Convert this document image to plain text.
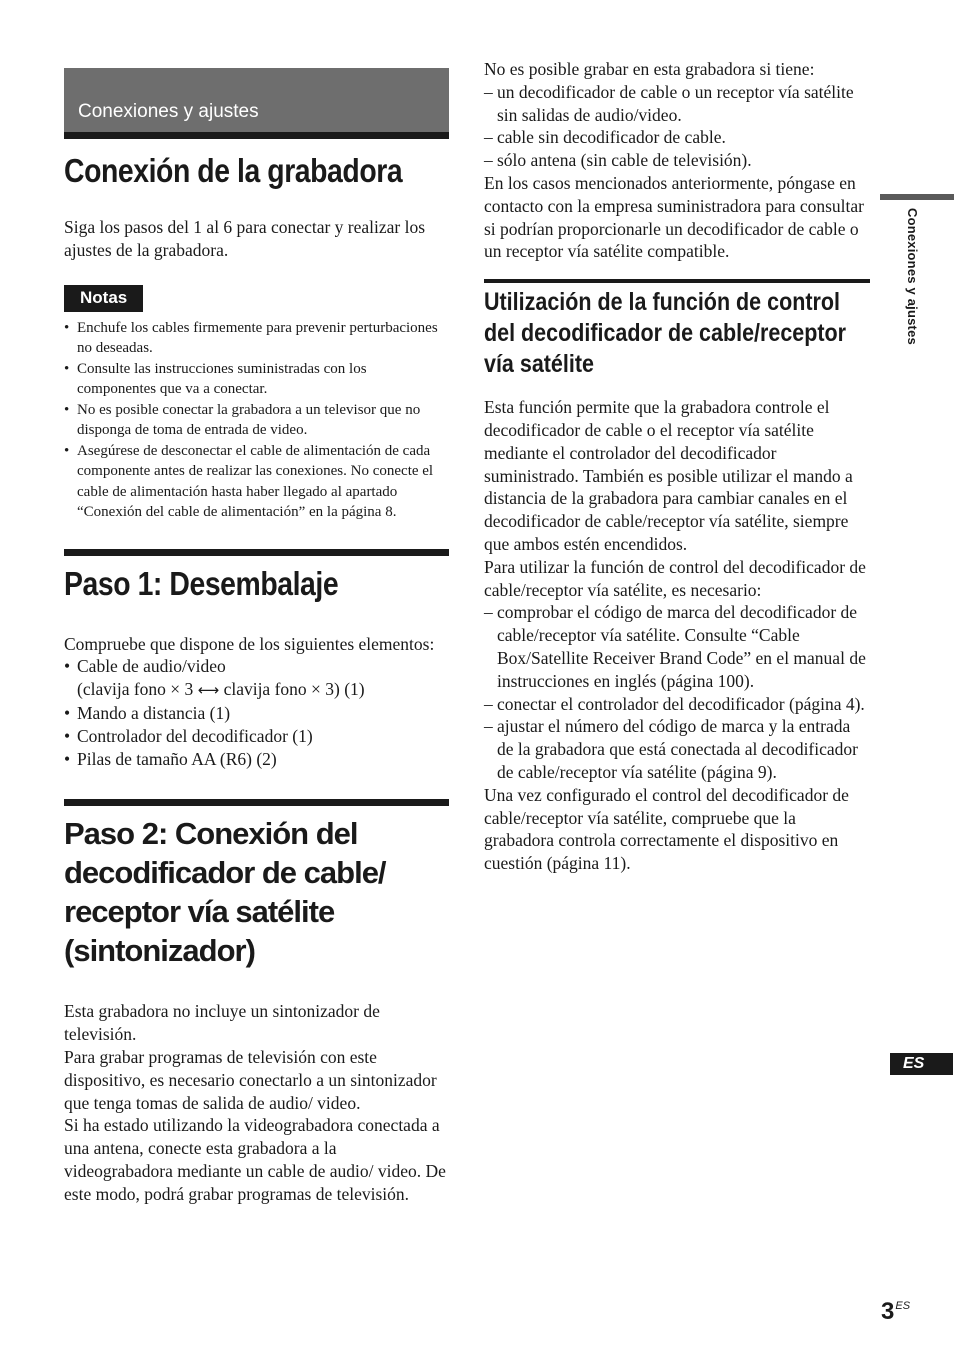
Conexiones y ajustes
Conexión de la grabadora

Siga los pasos del 1 al 6 para conectar y realizar los ajustes de la grabadora.

Notas
• Enchufe los cables firmemente para prevenir perturbaciones no deseadas.
• Consulte las instrucciones suministradas con los componentes que va a conectar.
• No es posible conectar la grabadora a un televisor que no disponga de toma de entrada de video.
• Asegúrese de desconectar el cable de alimentación de cada componente antes de realizar las conexiones. No conecte el cable de alimentación hasta haber llegado al apartado “Conexión del cable de alimentación” en la página 8.
Paso 1: Desembalaje

Compruebe que dispone de los siguientes elementos:

• Cable de audio/video
(clavija fono × 3 ⟷ clavija fono × 3) (1)
• Mando a distancia (1)
• Controlador del decodificador (1)
• Pilas de tamaño AA (R6) (2)
Paso 2: Conexión del decodificador de cable/ receptor vía satélite (sintonizador)

Esta grabadora no incluye un sintonizador de televisión.

Para grabar programas de televisión con este dispositivo, es necesario conectarlo a un sintonizador que tenga tomas de salida de audio/ video.

Si ha estado utilizando la videograbadora conectada a una antena, conecte esta grabadora a la videograbadora mediante un cable de audio/ video. De este modo, podrá grabar programas de televisión.

No es posible grabar en esta grabadora si tiene:

– un decodificador de cable o un receptor vía satélite sin salidas de audio/video.
– cable sin decodificador de cable.
– sólo antena (sin cable de televisión).

En los casos mencionados anteriormente, póngase en contacto con la empresa suministradora para consultar si podrían proporcionarle un decodificador de cable o un receptor vía satélite compatible.

Utilización de la función de control del decodificador de cable/receptor vía satélite

Esta función permite que la grabadora controle el decodificador de cable o el receptor vía satélite mediante el controlador del decodificador suministrado. También es posible utilizar el mando a distancia de la grabadora para cambiar canales en el decodificador de cable/receptor vía satélite, siempre que ambos estén encendidos.

Para utilizar la función de control del decodificador de cable/receptor vía satélite, es necesario:

– comprobar el código de marca del decodificador de cable/receptor vía satélite. Consulte “Cable Box/Satellite Receiver Brand Code” en el manual de instrucciones en inglés (página 100).
– conectar el controlador del decodificador (página 4).
– ajustar el número del código de marca y la entrada de la grabadora que está conectada al decodificador de cable/receptor vía satélite (página 9).

Una vez configurado el control del decodificador de cable/receptor vía satélite, compruebe que la grabadora controla correctamente el dispositivo en cuestión (página 11).

Conexiones y ajustes
ES
$3^{ES}$
